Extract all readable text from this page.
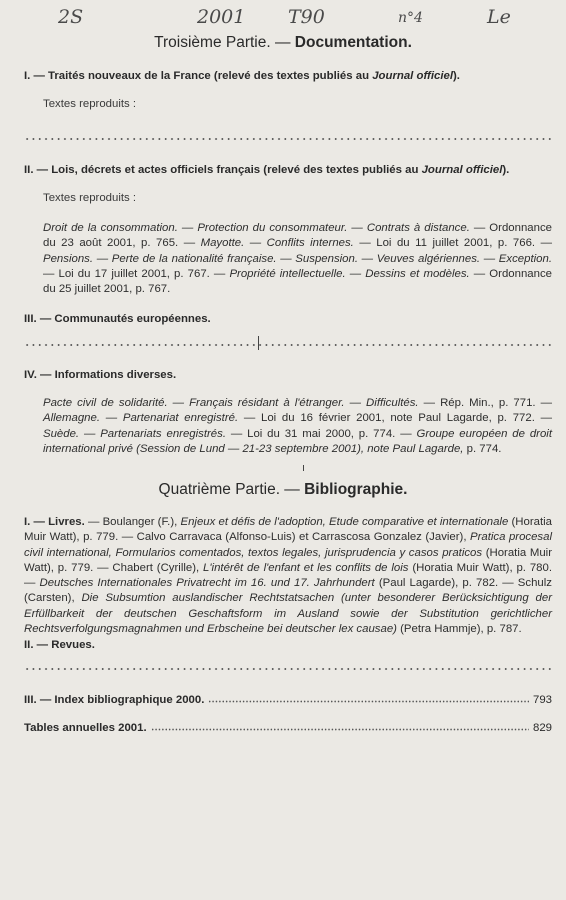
2S	2001 T90	n°4	Le
Troisième Partie. — Documentation.
I. — Traités nouveaux de la France (relevé des textes publiés au Journal officiel).
Textes reproduits :
II. — Lois, décrets et actes officiels français (relevé des textes publiés au Journal officiel).
Textes reproduits :
Droit de la consommation. — Protection du consommateur. — Contrats à distance. — Ordonnance du 23 août 2001, p. 765. — Mayotte. — Conflits internes. — Loi du 11 juillet 2001, p. 766. — Pensions. — Perte de la nationalité française. — Suspension. — Veuves algériennes. — Exception. — Loi du 17 juillet 2001, p. 767. — Propriété intellectuelle. — Dessins et modèles. — Ordonnance du 25 juillet 2001, p. 767.
III. — Communautés européennes.
IV. — Informations diverses.
Pacte civil de solidarité. — Français résidant à l'étranger. — Difficultés. — Rép. Min., p. 771. — Allemagne. — Partenariat enregistré. — Loi du 16 février 2001, note Paul Lagarde, p. 772. — Suède. — Partenariats enregistrés. — Loi du 31 mai 2000, p. 774. — Groupe européen de droit international privé (Session de Lund — 21-23 septembre 2001), note Paul Lagarde, p. 774.
Quatrième Partie. — Bibliographie.
I. — Livres. — Boulanger (F.), Enjeux et défis de l'adoption, Etude comparative et internationale (Horatia Muir Watt), p. 779. — Calvo Carravaca (Alfonso-Luis) et Carrascosa Gonzalez (Javier), Pratica procesal civil international, Formularios comentados, textos legales, jurisprudencia y casos praticos (Horatia Muir Watt), p. 779. — Chabert (Cyrille), L'intérêt de l'enfant et les conflits de lois (Horatia Muir Watt), p. 780. — Deutsches Internationales Privatrecht im 16. und 17. Jahrhundert (Paul Lagarde), p. 782. — Schulz (Carsten), Die Subsumtion auslandischer Rechtstatsachen (unter besonderer Berücksichtigung der Erfüllbarkeit der deutschen Geschaftsform im Ausland sowie der Substitution gerichtlicher Rechtsverfolgungsmagnahmen und Erbscheine bei deutscher lex causae) (Petra Hammje), p. 787.
II. — Revues.
III. — Index bibliographique 2000.	793
Tables annuelles 2001.	829
